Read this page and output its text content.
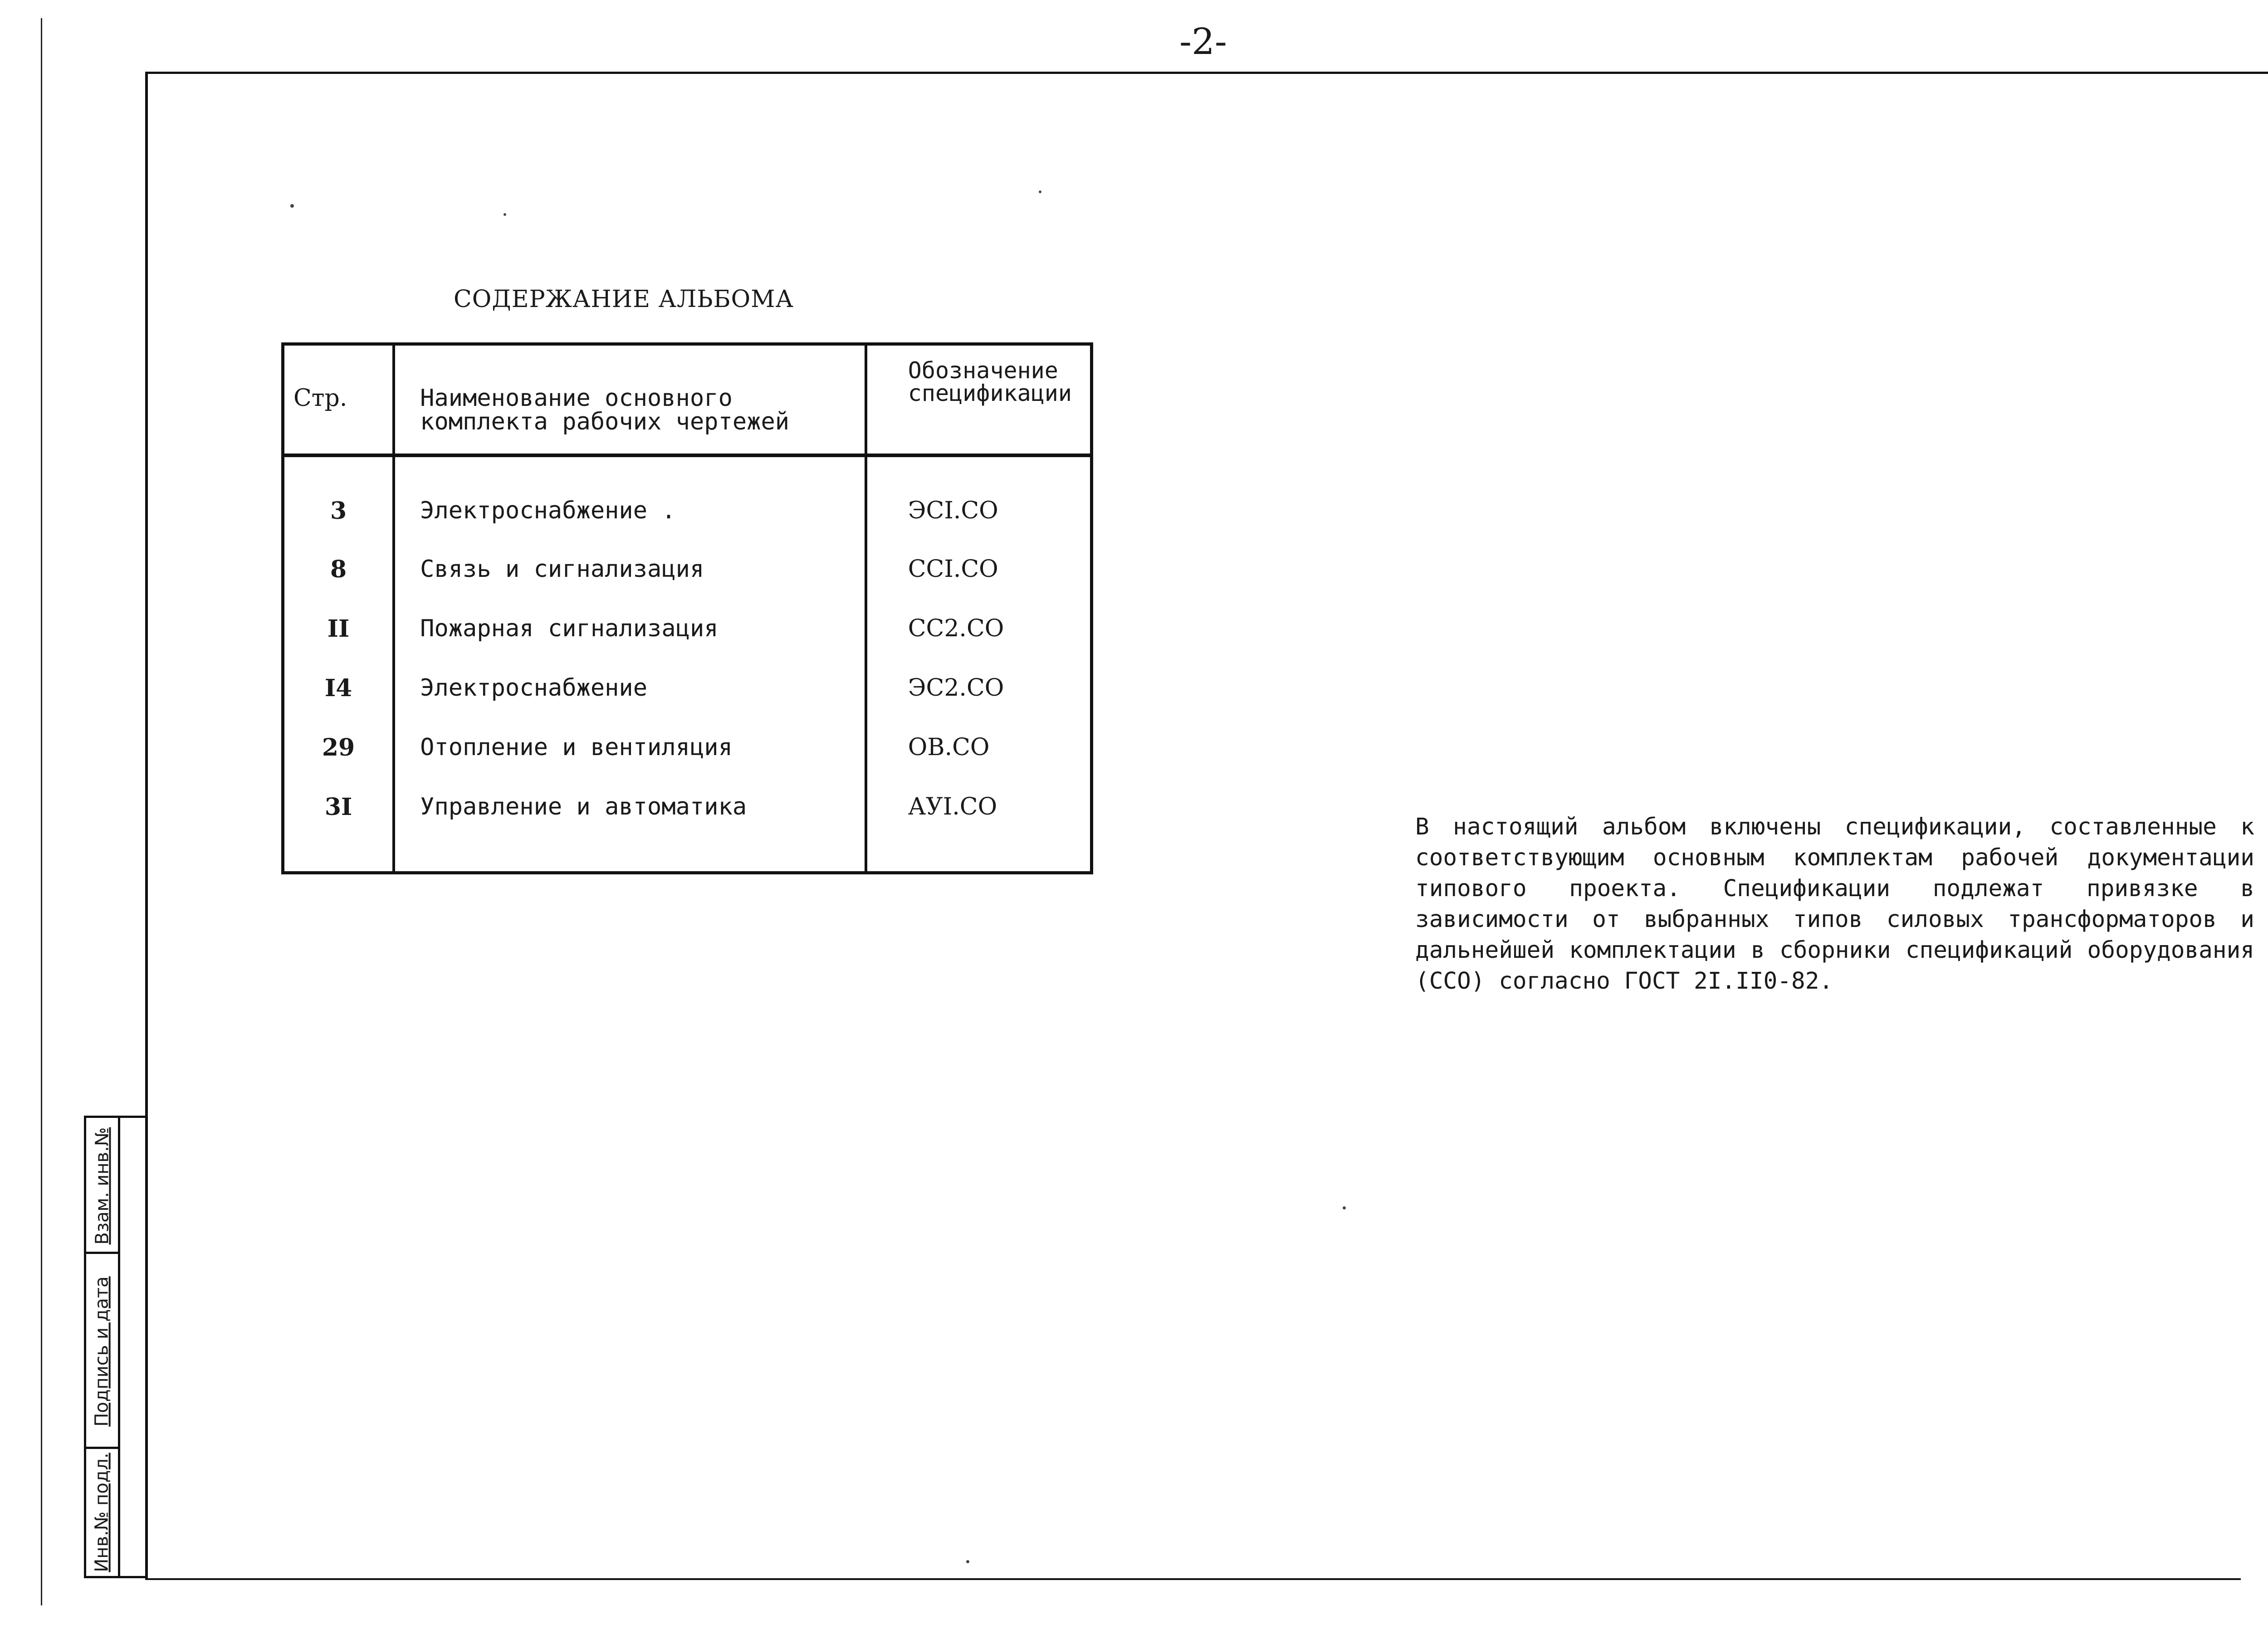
-2-
СОДЕРЖАНИЕ АЛЬБОМА
Стр.	Наименование основного комплекта рабочих чертежей	Обозначение спецификации
3	Электроснабжение .	ЭСI.СО
8	Связь и сигнализация	ССI.СО
II	Пожарная сигнализация	СС2.СО
I4	Электроснабжение	ЭС2.СО
29	Отопление и вентиляция	ОВ.СО
3I	Управление и автоматика	АУI.СО

В настоящий альбом включены спецификации, составленные к соответствующим основным комплектам рабочей документации типового проекта. Спецификации подлежат привязке в зависимости от выбранных типов силовых трансформаторов и дальнейшей комплектации в сборники спецификаций оборудования (ССО) согласно ГОСТ 2I.II0-82.

Взам. инв.№
Подпись и дата
Инв.№ подл.
